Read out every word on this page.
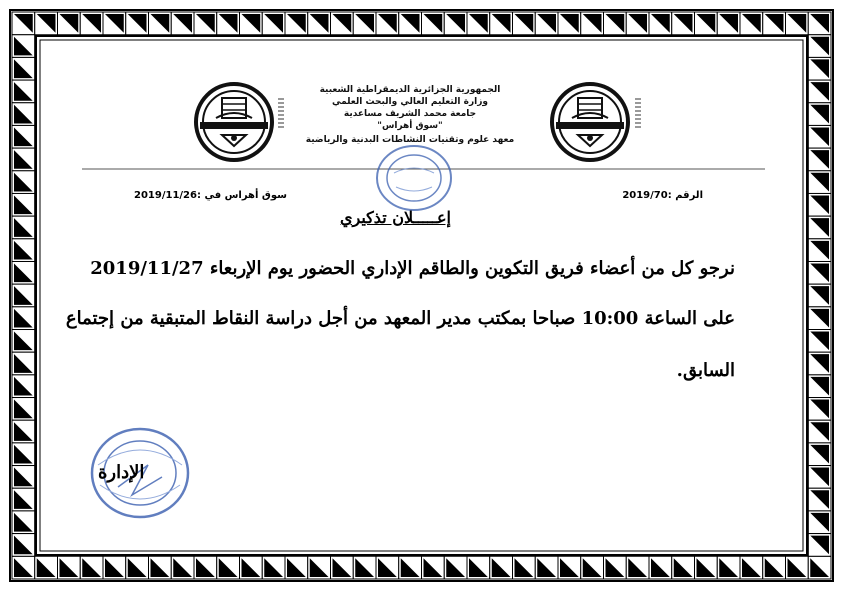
الجمهورية الجزائرية الديمقراطية الشعبية
وزارة التعليم العالي والبحث العلمي
جامعة محمد الشريف مساعدية
"سوق أهراس"
معهد علوم وتقنيات النشاطات البدنية والرياضية
الرقم :2019/70
سوق أهراس في :2019/11/26
إعـــــلان تذكيري
نرجو كل من أعضاء فريق التكوين والطاقم الإداري الحضور يوم الإربعاء 2019/11/27
على الساعة 10:00 صباحا بمكتب مدير المعهد من أجل دراسة النقاط المتبقية من إجتماع
السابق.
الإدارة
